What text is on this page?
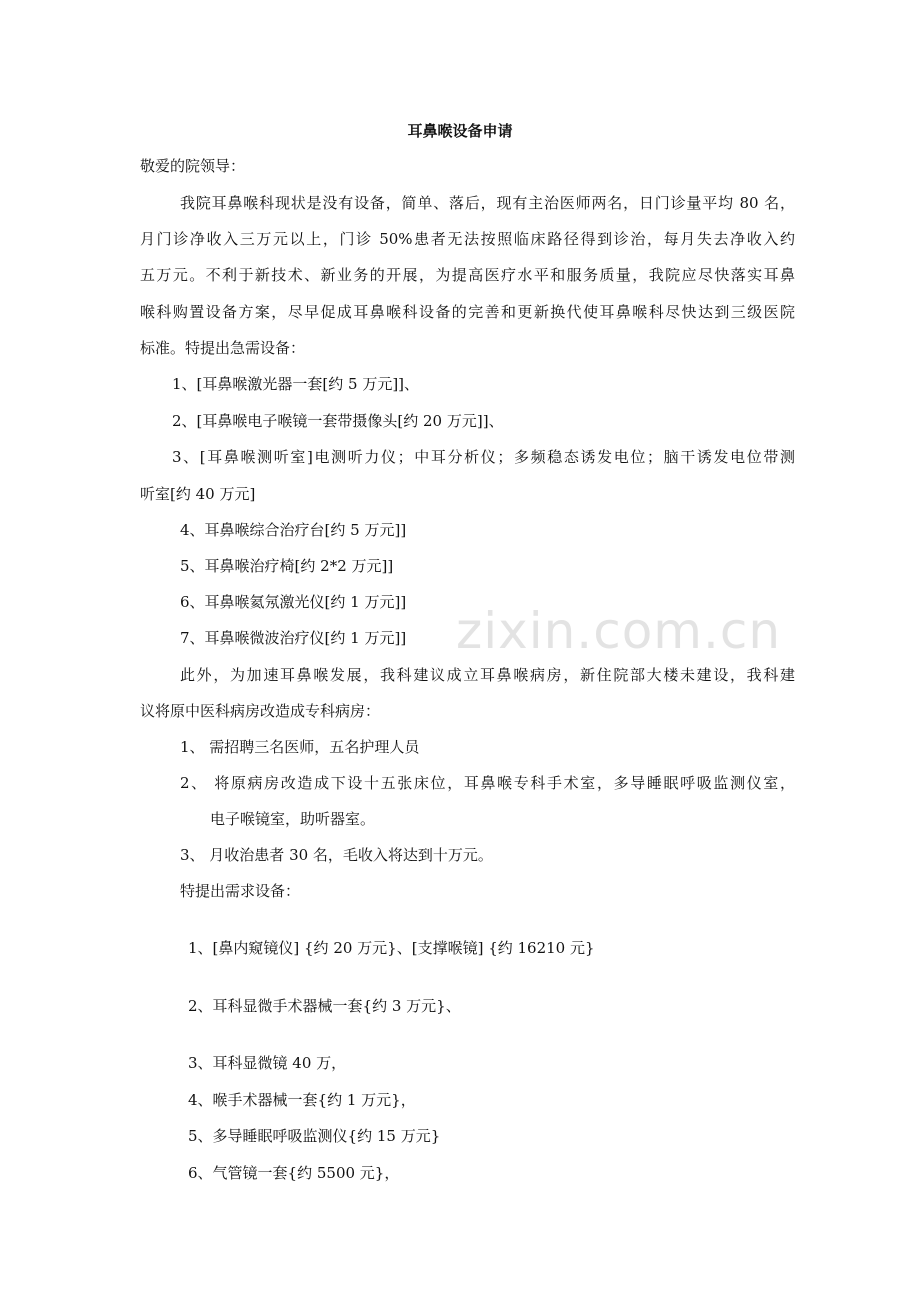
耳鼻喉设备申请
敬爱的院领导：
我院耳鼻喉科现状是没有设备，简单、落后，现有主治医师两名，日门诊量平均 80 名，
月门诊净收入三万元以上，门诊 50%患者无法按照临床路径得到诊治，每月失去净收入约
五万元。不利于新技术、新业务的开展，为提高医疗水平和服务质量，我院应尽快落实耳鼻
喉科购置设备方案，尽早促成耳鼻喉科设备的完善和更新换代使耳鼻喉科尽快达到三级医院
标准。特提出急需设备：
1、[耳鼻喉激光器一套[约 5 万元]]、
2、[耳鼻喉电子喉镜一套带摄像头[约 20 万元]]、
3、[耳鼻喉测听室]电测听力仪；中耳分析仪；多频稳态诱发电位；脑干诱发电位带测
听室[约 40 万元]
4、耳鼻喉综合治疗台[约 5 万元]]
5、耳鼻喉治疗椅[约 2*2 万元]]
6、耳鼻喉氦氖激光仪[约 1 万元]]
7、耳鼻喉微波治疗仪[约 1 万元]]
此外，为加速耳鼻喉发展，我科建议成立耳鼻喉病房，新住院部大楼未建设，我科建
议将原中医科病房改造成专科病房：
1、 需招聘三名医师，五名护理人员
2、 将原病房改造成下设十五张床位，耳鼻喉专科手术室，多导睡眠呼吸监测仪室，
电子喉镜室，助听器室。
3、 月收治患者 30 名，毛收入将达到十万元。
特提出需求设备：
1、[鼻内窥镜仪] {约 20 万元}、[支撑喉镜] {约 16210 元}
2、耳科显微手术器械一套{约 3 万元}、
3、耳科显微镜 40 万，
4、喉手术器械一套{约 1 万元}，
5、多导睡眠呼吸监测仪{约 15 万元}
6、气管镜一套{约 5500 元}，
zixin.com.cn
